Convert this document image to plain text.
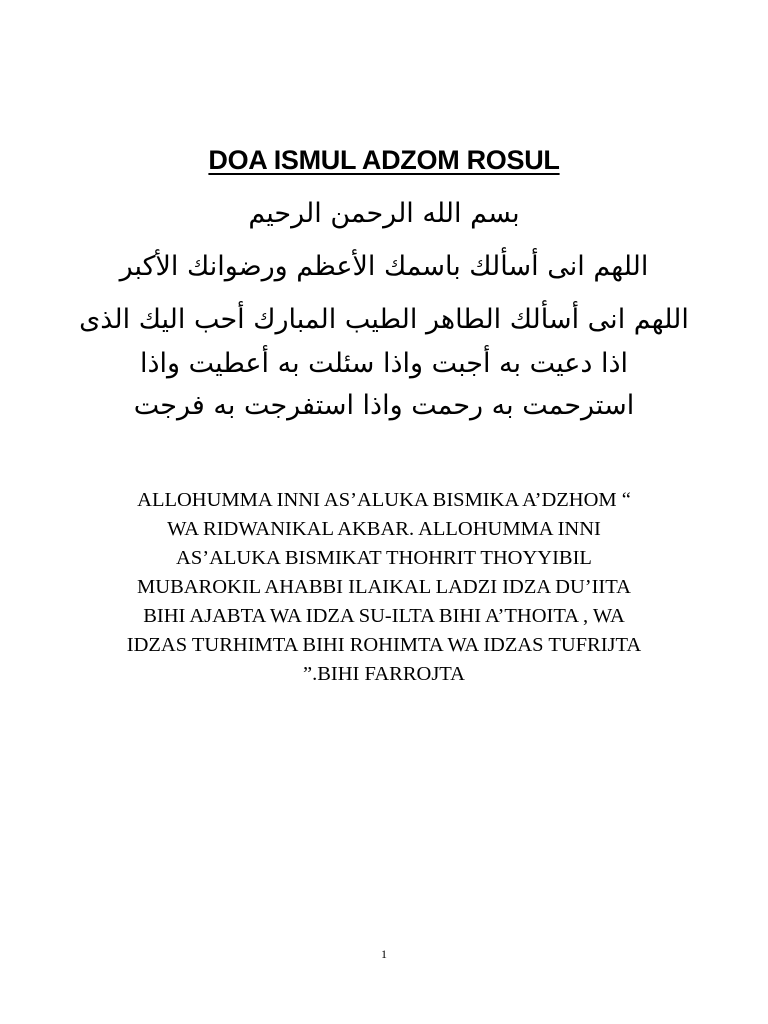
DOA ISMUL ADZOM ROSUL
بسم الله الرحمن الرحيم
اللهم انى أسألك باسمك الأعظم ورضوانك الأكبر
اللهم انى أسألك الطاهر الطيب المبارك أحب اليك الذى
اذا دعيت به أجبت واذا سئلت به أعطيت واذا
استرحمت به رحمت واذا استفرجت به فرجت
ALLOHUMMA INNI AS’ALUKA BISMIKA A’DZHOM “
WA RIDWANIKAL AKBAR. ALLOHUMMA INNI
AS’ALUKA BISMIKAT THOHRIT THOYYIBIL
MUBAROKIL AHABBI ILAIKAL LADZI IDZA DU’IITA
BIHI AJABTA WA IDZA SU-ILTA BIHI A’THOITA , WA
IDZAS TURHIMTA BIHI ROHIMTA WA IDZAS TUFRIJTA
”.BIHI FARROJTA
1
